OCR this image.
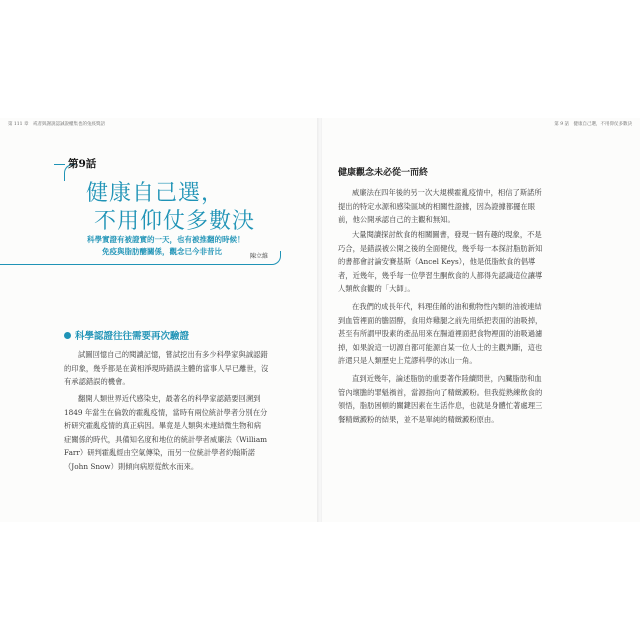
第 111 章　戒者與謝說認誠說權集也的兔疫獎語
第9話
健康自己選，
不用仰仗多數決
科學實證有被證實的一天，也有被推翻的時候！
免疫與脂肪醣關係，觀念已今非昔比
陳立維
科學認證往往需要再次驗證

試圖回憶自己的閱讀記憶，嘗試挖出有多少科學家與誠認錯
的印象，幾乎都是在黃相淨現時錯誤主體的當事人早已離世，沒
有承認錯誤的機會。

翻開人類世界近代感染史，最著名的科學家認錯要回溯到
1849 年當生在倫敦的霍亂疫情，當時有兩位統計學者分別在分
析研究霍亂疫情的真正病因。畢竟是人類與未連結微生物和病
症關係的時代，具備知名度和地位的統計學者威廉法（William
Farr）研判霍亂經由空氣傳染，而另一位統計學者約翰斯諾
（John Snow）則傾向病原從飲水而來。

第 9 話　健康自己選，不用仰仗多數決
健康觀念未必從一而終

威廉法在四年後的另一次大規模霍亂疫情中，相信了斯諾所
提出的特定水源和感染區域的相關性證據，因為證據都擺在眼
前，他公開承認自己的主觀和無知。

大量閱讀探討飲食的相關圖書，發現一個有趣的現象，不是
巧合，是錯誤被公開之後的全面健伐，幾乎每一本探討脂肪新知
的書都會討論安賽基斯（Ancel Keys），他是低脂飲食的倡導
者，近幾年，幾乎每一位學習生酮飲食的人都得先認識這位讓導
人類飲食觀的「大師」。

在我們的成長年代，料理佳餚的油和動物性內類的油被連結
到血管裡面的膽固醇，食用炸雞腿之前先用紙把表面的油吸掉，
甚至有所謂甲股素的產品用來在腸道裡面把食物裡面的油吸過濾
掉，如果說這一切源自都可能源自某一位人士的主觀判斷，這也
許還只是人類歷史上荒謬科學的冰山一角。

直到近幾年，論述脂肪的重要著作陸續問世，內臟脂肪和血
管內壞膽的罪魁禍首，當源指向了精緻澱粉。但我從熟練飲食的
領悟，脂肪困頓的關鍵因素在生活作息，也就是身體忙著處理三
餐精緻澱粉的結果，並不是單純的精緻澱粉原由。
